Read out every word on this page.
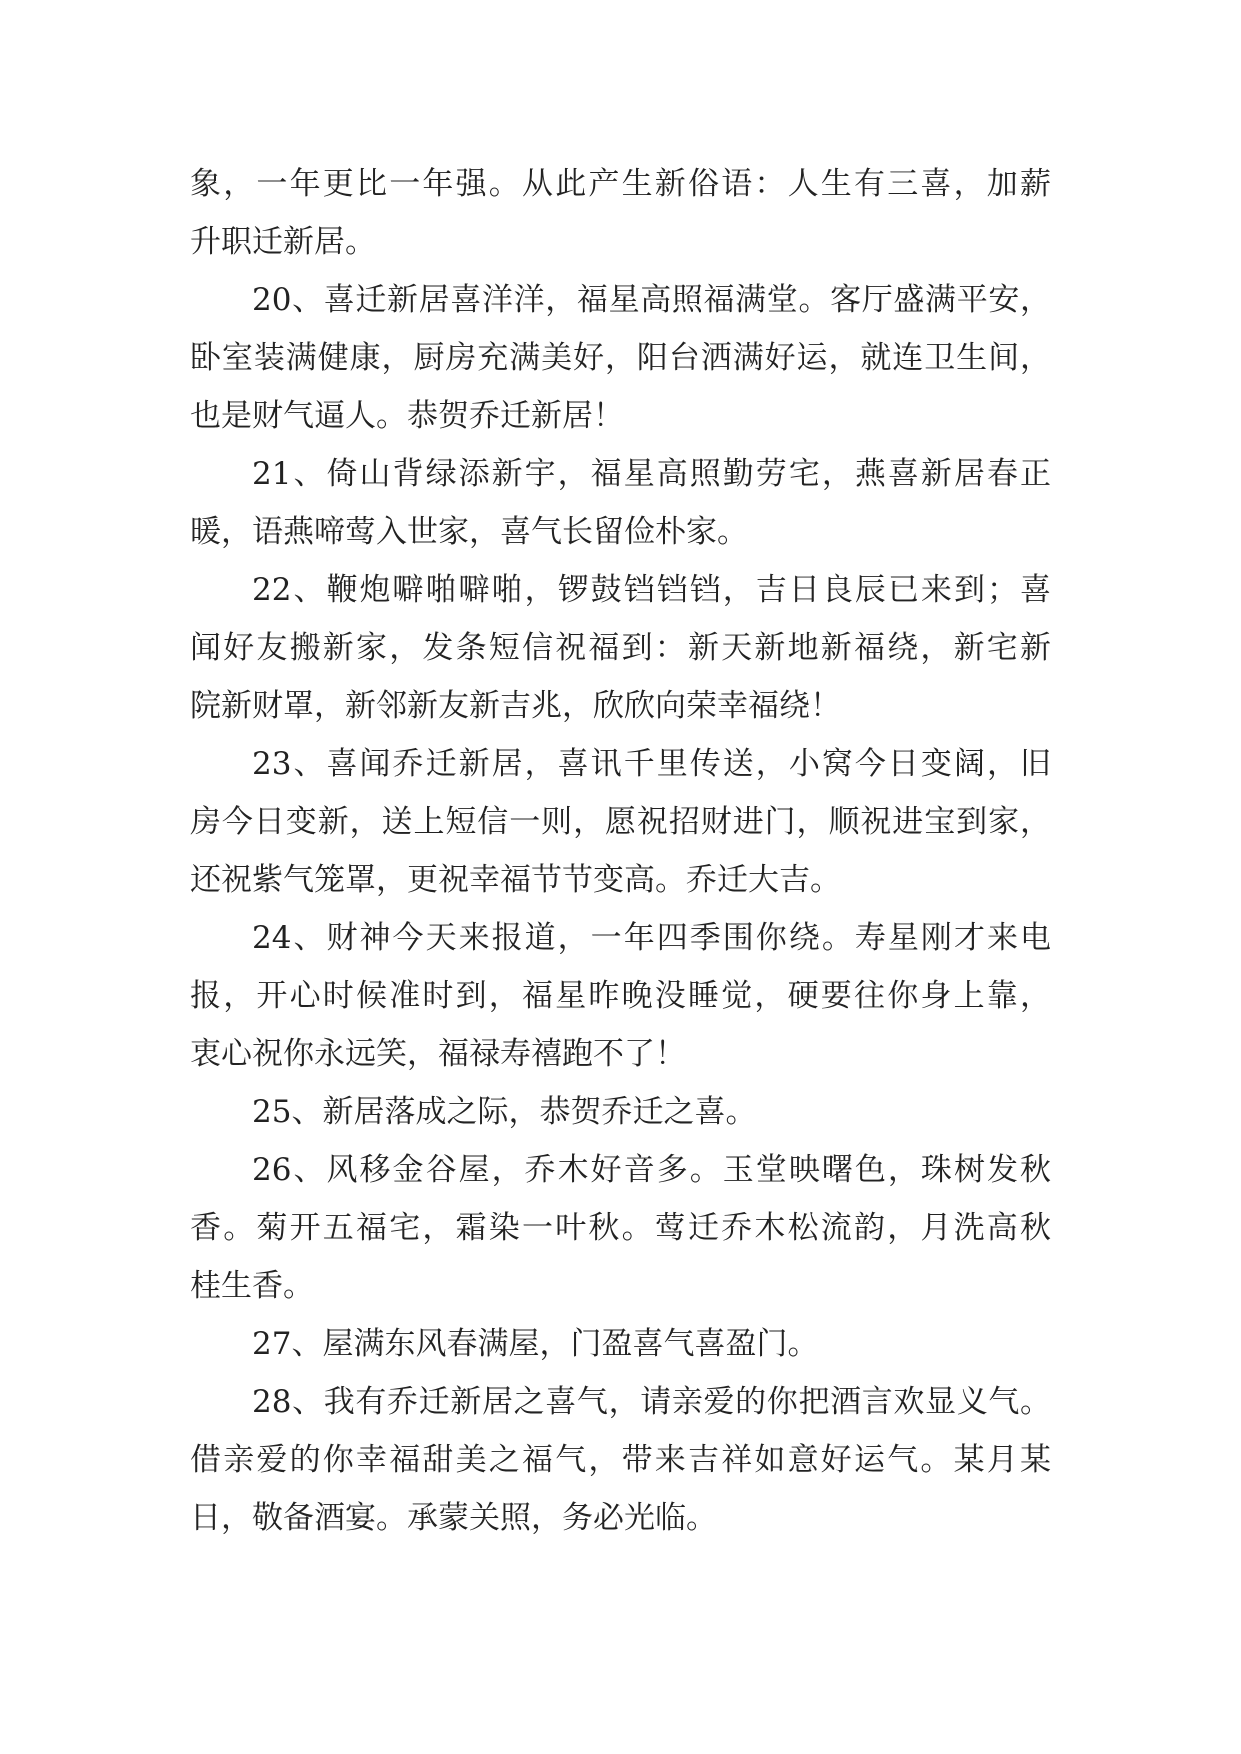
象，一年更比一年强。从此产生新俗语：人生有三喜，加薪
升职迁新居。
20、喜迁新居喜洋洋，福星高照福满堂。客厅盛满平安，
卧室装满健康，厨房充满美好，阳台洒满好运，就连卫生间，
也是财气逼人。恭贺乔迁新居！
21、倚山背绿添新宇，福星高照勤劳宅，燕喜新居春正
暖，语燕啼莺入世家，喜气长留俭朴家。
22、鞭炮噼啪噼啪，锣鼓铛铛铛，吉日良辰已来到；喜
闻好友搬新家，发条短信祝福到：新天新地新福绕，新宅新
院新财罩，新邻新友新吉兆，欣欣向荣幸福绕！
23、喜闻乔迁新居，喜讯千里传送，小窝今日变阔，旧
房今日变新，送上短信一则，愿祝招财进门，顺祝进宝到家，
还祝紫气笼罩，更祝幸福节节变高。乔迁大吉。
24、财神今天来报道，一年四季围你绕。寿星刚才来电
报，开心时候准时到，福星昨晚没睡觉，硬要往你身上靠，
衷心祝你永远笑，福禄寿禧跑不了！
25、新居落成之际，恭贺乔迁之喜。
26、风移金谷屋，乔木好音多。玉堂映曙色，珠树发秋
香。菊开五福宅，霜染一叶秋。莺迁乔木松流韵，月洗高秋
桂生香。
27、屋满东风春满屋，门盈喜气喜盈门。
28、我有乔迁新居之喜气，请亲爱的你把酒言欢显义气。
借亲爱的你幸福甜美之福气，带来吉祥如意好运气。某月某
日，敬备酒宴。承蒙关照，务必光临。
